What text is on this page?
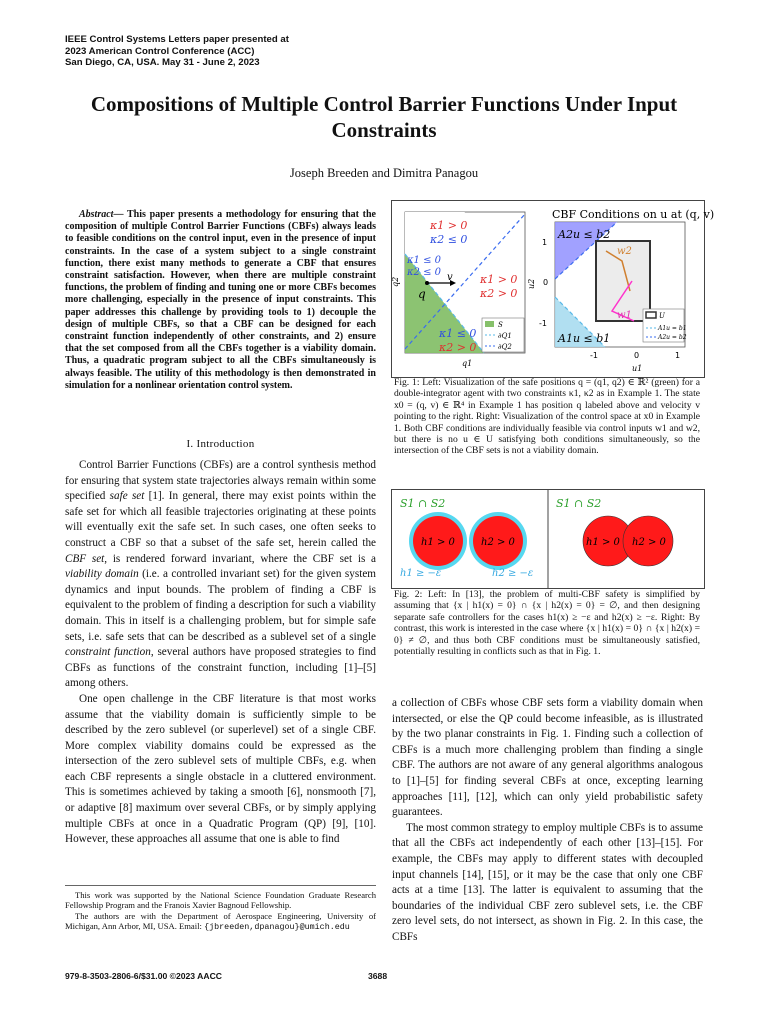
IEEE Control Systems Letters paper presented at
2023 American Control Conference (ACC)
San Diego, CA, USA. May 31 - June 2, 2023
Compositions of Multiple Control Barrier Functions Under Input Constraints
Joseph Breeden and Dimitra Panagou
Abstract— This paper presents a methodology for ensuring that the composition of multiple Control Barrier Functions (CBFs) always leads to feasible conditions on the control input, even in the presence of input constraints. In the case of a system subject to a single constraint function, there exist many methods to generate a CBF that ensures constraint satisfaction. However, when there are multiple constraint functions, the problem of finding and tuning one or more CBFs becomes more challenging, especially in the presence of input constraints. This paper addresses this challenge by providing tools to 1) decouple the design of multiple CBFs, so that a CBF can be designed for each constraint function independently of other constraints, and 2) ensure that the set composed from all the CBFs together is a viability domain. Thus, a quadratic program subject to all the CBFs simultaneously is always feasible. The utility of this methodology is then demonstrated in simulation for a nonlinear orientation control system.
I. Introduction

Control Barrier Functions (CBFs) are a control synthesis method for ensuring that system state trajectories always remain within some specified safe set [1]. In general, there may exist points within the safe set for which all feasible trajectories originating at these points will eventually exit the safe set. In such cases, one often seeks to construct a CBF so that a subset of the safe set, herein called the CBF set, is rendered forward invariant, where the CBF set is a viability domain (i.e. a controlled invariant set) for the given system dynamics and input bounds. The problem of finding a CBF is equivalent to the problem of finding a description for such a viability domain. This in itself is a challenging problem, but for simple safe sets, i.e. safe sets that can be described as a sublevel set of a single constraint function, several authors have proposed strategies to find CBFs as functions of the constraint function, including [1]–[5] among others.

One open challenge in the CBF literature is that most works assume that the viability domain is sufficiently simple to be described by the zero sublevel (or superlevel) set of a single CBF. More complex viability domains could be expressed as the intersection of the zero sublevel sets of multiple CBFs, e.g. when each CBF represents a single obstacle in a cluttered environment. This is sometimes achieved by taking a smooth [6], nonsmooth [7], or adaptive [8] maximum over several CBFs, or by simply applying multiple CBFs at once in a Quadratic Program (QP) [9], [10]. However, these approaches all assume that one is able to find

This work was supported by the National Science Foundation Graduate Research Fellowship Program and the Franois Xavier Bagnoud Fellowship.

The authors are with the Department of Aerospace Engineering, University of Michigan, Ann Arbor, MI, USA. Email: {jbreeden,dpanagou}@umich.edu

979-8-3503-2806-6/$31.00 ©2023 AACC	3688
κ1 > 0
κ2 ≤ 0
κ1 ≤ 0
κ2 ≤ 0
κ1 > 0
κ2 > 0
κ1 ≤ 0
κ2 > 0
q
v
q1
q2
S
∂Q1
∂Q2
CBF Conditions on u at (q, v)
A2u ≤ b2
A1u ≤ b1
w2
w1
1
0
-1
-1	0	1
u1
u2
U
A1u = b1
A2u = b2
Fig. 1: Left: Visualization of the safe positions q = (q1, q2) ∈ ℝ² (green) for a double-integrator agent with two constraints κ1, κ2 as in Example 1. The state x0 = (q, v) ∈ ℝ⁴ in Example 1 has position q labeled above and velocity v pointing to the right. Right: Visualization of the control space at x0 in Example 1. Both CBF conditions are individually feasible via control inputs w1 and w2, but there is no u ∈ U satisfying both conditions simultaneously, so the intersection of the CBF sets is not a viability domain.
S1 ∩ S2
h1 > 0	h2 > 0
h1 ≥ −ε	h2 ≥ −ε
S1 ∩ S2
h1 > 0 h2 > 0
Fig. 2: Left: In [13], the problem of multi-CBF safety is simplified by assuming that {x | h1(x) = 0} ∩ {x | h2(x) = 0} = ∅, and then designing separate safe controllers for the cases h1(x) ≥ −ε and h2(x) ≥ −ε. Right: By contrast, this work is interested in the case where {x | h1(x) = 0} ∩ {x | h2(x) = 0} ≠ ∅, and thus both CBF conditions must be simultaneously satisfied, potentially resulting in conflicts such as that in Fig. 1.

a collection of CBFs whose CBF sets form a viability domain when intersected, or else the QP could become infeasible, as is illustrated by the two planar constraints in Fig. 1. Finding such a collection of CBFs is a much more challenging problem than finding a single CBF. The authors are not aware of any general algorithms analogous to [1]–[5] for finding several CBFs at once, excepting learning approaches [11], [12], which can only yield probabilistic safety guarantees.

The most common strategy to employ multiple CBFs is to assume that all the CBFs act independently of each other [13]–[15]. For example, the CBFs may apply to different states with decoupled input channels [14], [15], or it may be the case that only one CBF acts at a time [13]. The latter is equivalent to assuming that the boundaries of the individual CBF zero sublevel sets, i.e. the CBF zero level sets, do not intersect, as shown in Fig. 2. In this case, the CBFs
